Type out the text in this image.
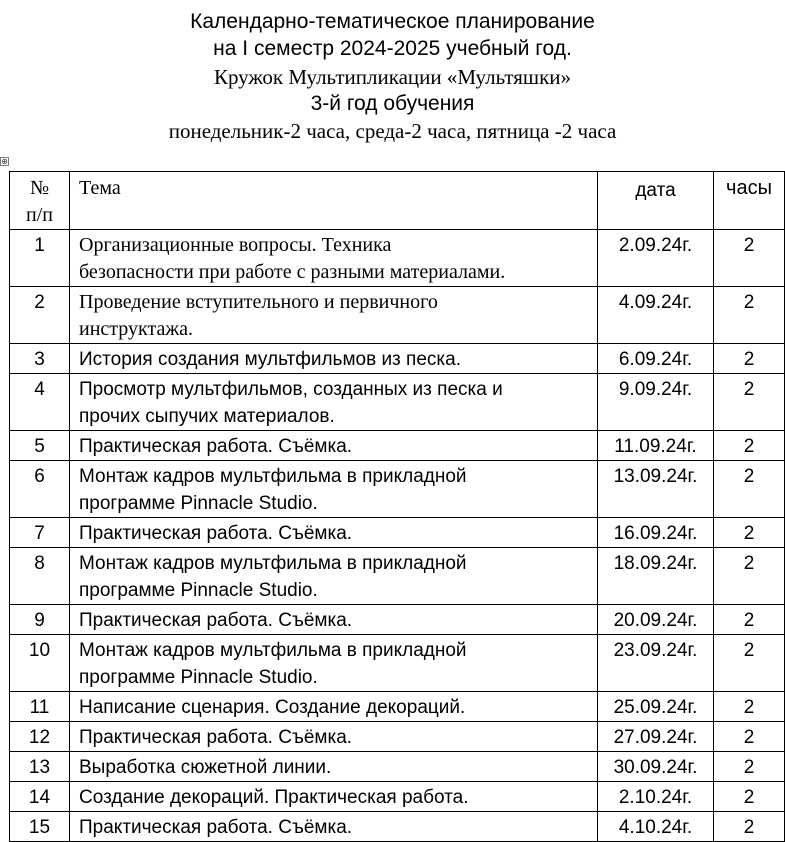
Календарно-тематическое планирование
на I семестр 2024-2025 учебный год.
Кружок Мультипликации «Мультяшки»
3-й год обучения
понедельник-2 часа, среда-2 часа, пятница -2 часа
⊕
№
п/п	Тема	дата	часы

1	Организационные вопросы. Техника
безопасности при работе с разными материалами.	2.09.24г.	2

2	Проведение вступительного и первичного
инструктажа.	4.09.24г.	2

3	История создания мультфильмов из песка.	6.09.24г.	2

4	Просмотр мультфильмов, созданных из песка и
прочих сыпучих материалов.	9.09.24г.	2

5	Практическая работа. Съёмка.	11.09.24г.	2

6	Монтаж кадров мультфильма в прикладной
программе Pinnacle Studio.	13.09.24г.	2

7	Практическая работа. Съёмка.	16.09.24г.	2

8	Монтаж кадров мультфильма в прикладной
программе Pinnacle Studio.	18.09.24г.	2

9	Практическая работа. Съёмка.	20.09.24г.	2

10	Монтаж кадров мультфильма в прикладной
программе Pinnacle Studio.	23.09.24г.	2

11	Написание сценария. Создание декораций.	25.09.24г.	2

12	Практическая работа. Съёмка.	27.09.24г.	2

13	Выработка сюжетной линии.	30.09.24г.	2

14	Создание декораций. Практическая работа.	2.10.24г.	2

15	Практическая работа. Съёмка.	4.10.24г.	2
